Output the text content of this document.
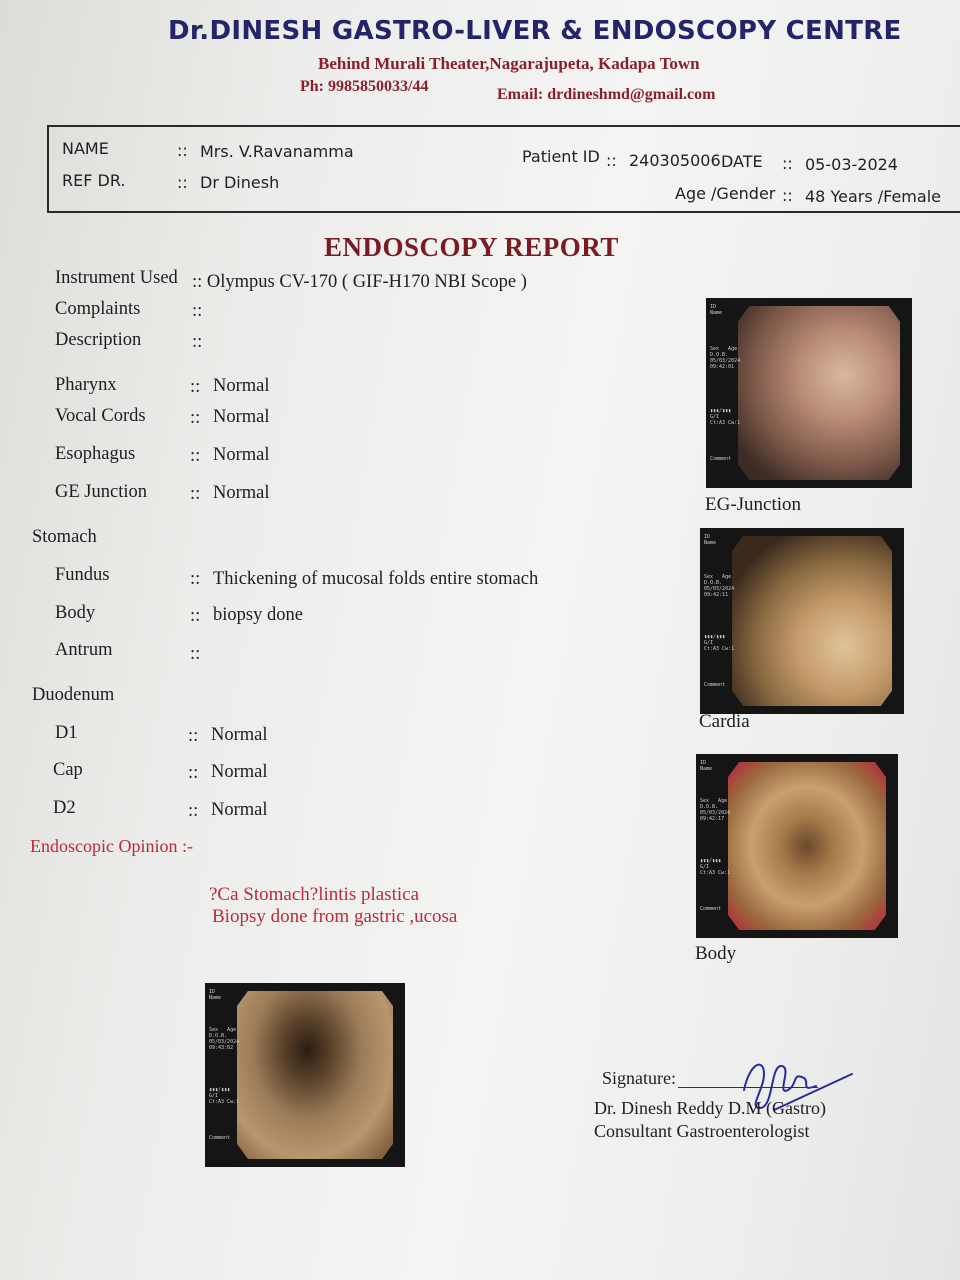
Dr.DINESH GASTRO-LIVER & ENDOSCOPY CENTRE
Behind Murali Theater,Nagarajupeta, Kadapa Town
Ph: 9985850033/44	Email: drdineshmd@gmail.com
NAME	:: Mrs. V.Ravanamma
REF DR.	:: Dr Dinesh
Patient ID :: 240305006 DATE :: 05-03-2024
Age /Gender :: 48 Years /Female
ENDOSCOPY REPORT
Instrument Used :: Olympus CV-170 ( GIF-H170 NBI Scope )
Complaints	::
Description	::
Pharynx	:: Normal
Vocal Cords :: Normal
Esophagus	:: Normal
GE Junction :: Normal
Stomach
Fundus	:: Thickening of mucosal folds entire stomach
Body	:: biopsy done
Antrum	::
Duodenum
D1	:: Normal
Cap	:: Normal
D2	:: Normal
Endoscopic Opinion :-
?Ca Stomach?lintis plastica
Biopsy done from gastric ,ucosa
ID
Name
Sex   Age
D.O.B.
05/03/2024
09:42:01
▮▮▮/▮▮▮
G/I
Ct:A3 Cw:1
Comment
EG-Junction
ID
Name
Sex   Age
D.O.B.
05/03/2024
09:42:11
▮▮▮/▮▮▮
G/I
Ct:A3 Cw:1
Comment
Cardia
ID
Name
Sex   Age
D.O.B.
05/03/2024
09:42:17
▮▮▮/▮▮▮
G/I
Ct:A3 Cw:1
Comment
Body
ID
Name
Sex   Age
D.O.B.
05/03/2024
09:43:02
▮▮▮/▮▮▮
G/I
Ct:A3 Cw:1
Comment
Signature:
Dr. Dinesh Reddy D.M (Gastro)
Consultant Gastroenterologist
